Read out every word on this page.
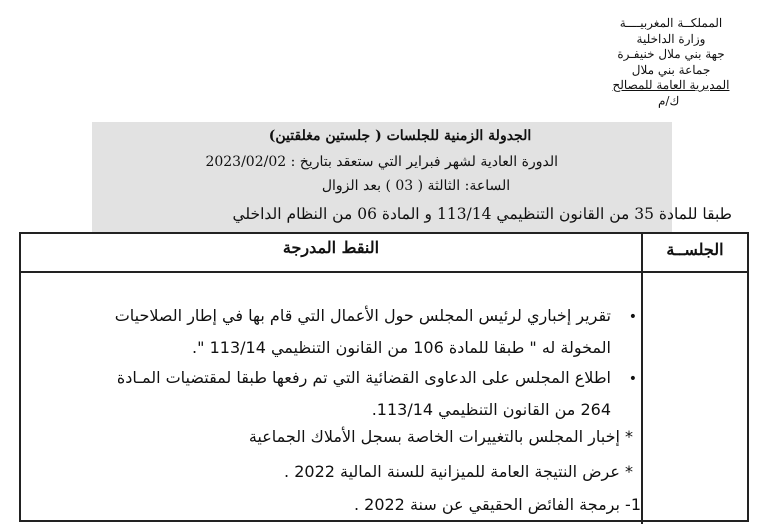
المملكــة المغربيــــة
وزارة الداخلية
جهة بني ملال خنيفـرة
جماعة بني ملال
المديرية العامة للمصالح
ك/م
الجدولة الزمنية للجلسات ( جلستين مغلقتين)
الدورة العادية لشهر فبراير التي ستعقد بتاريخ : 2023/02/02
الساعة: الثالثة ( 03 ) بعد الزوال
طبقا للمادة 35 من القانون التنظيمي 113/14 و المادة 06 من النظام الداخلي
النقط المدرجة	الجلســة
•
تقرير إخباري لرئيس المجلس حول الأعمال التي قام بها في إطار الصلاحيات
المخولة له " طبقا للمادة 106 من القانون التنظيمي 113/14 ".
•
اطلاع المجلس على الدعاوى القضائية التي تم رفعها طبقا لمقتضيات المـادة
264 من القانون التنظيمي 113/14.
* إخبار المجلس بالتغييرات الخاصة بسجل الأملاك الجماعية
* عرض النتيجة العامة للميزانية للسنة المالية 2022 .
1- برمجة الفائض الحقيقي عن سنة 2022 .
